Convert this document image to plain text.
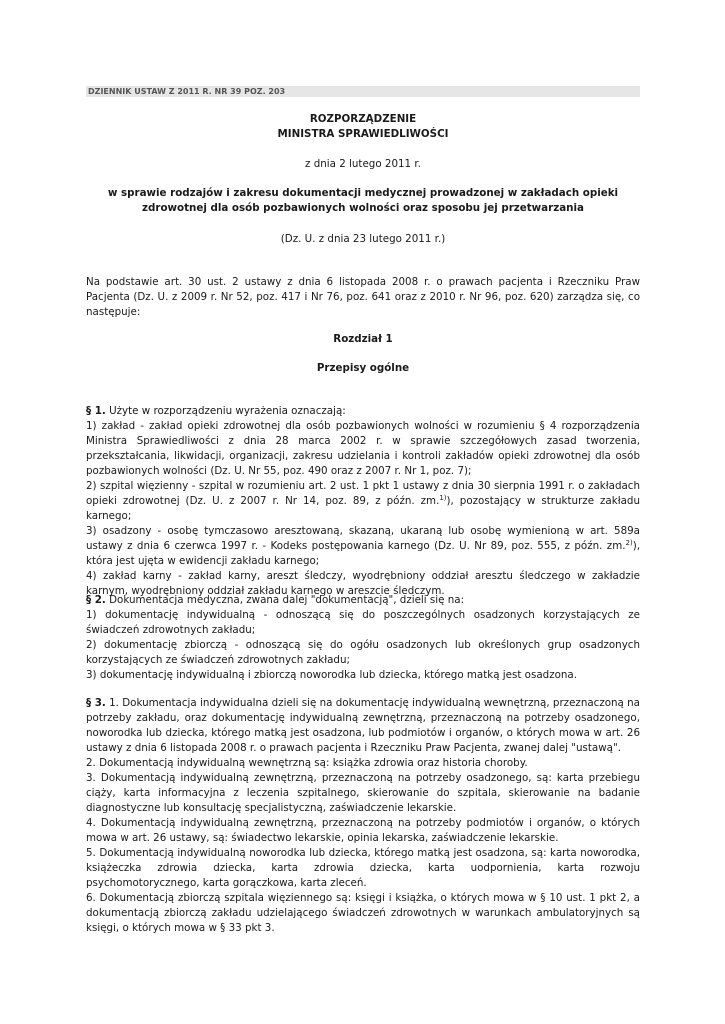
DZIENNIK USTAW Z 2011 R. NR 39 POZ. 203

ROZPORZĄDZENIE

MINISTRA SPRAWIEDLIWOŚCI

z dnia 2 lutego 2011 r.

w sprawie rodzajów i zakresu dokumentacji medycznej prowadzonej w zakładach opieki zdrowotnej dla osób pozbawionych wolności oraz sposobu jej przetwarzania

(Dz. U. z dnia 23 lutego 2011 r.)

Na podstawie art. 30 ust. 2 ustawy z dnia 6 listopada 2008 r. o prawach pacjenta i Rzeczniku Praw Pacjenta (Dz. U. z 2009 r. Nr 52, poz. 417 i Nr 76, poz. 641 oraz z 2010 r. Nr 96, poz. 620) zarządza się, co następuje:

Rozdział 1

Przepisy ogólne

§ 1. Użyte w rozporządzeniu wyrażenia oznaczają:

1) zakład - zakład opieki zdrowotnej dla osób pozbawionych wolności w rozumieniu § 4 rozporządzenia Ministra Sprawiedliwości z dnia 28 marca 2002 r. w sprawie szczegółowych zasad tworzenia, przekształcania, likwidacji, organizacji, zakresu udzielania i kontroli zakładów opieki zdrowotnej dla osób pozbawionych wolności (Dz. U. Nr 55, poz. 490 oraz z 2007 r. Nr 1, poz. 7);

2) szpital więzienny - szpital w rozumieniu art. 2 ust. 1 pkt 1 ustawy z dnia 30 sierpnia 1991 r. o zakładach opieki zdrowotnej (Dz. U. z 2007 r. Nr 14, poz. 89, z późn. zm.$^{1)}$), pozostający w strukturze zakładu karnego;

3) osadzony - osobę tymczasowo aresztowaną, skazaną, ukaraną lub osobę wymienioną w art. 589a ustawy z dnia 6 czerwca 1997 r. - Kodeks postępowania karnego (Dz. U. Nr 89, poz. 555, z późn. zm.$^{2)}$), która jest ujęta w ewidencji zakładu karnego;

4) zakład karny - zakład karny, areszt śledczy, wyodrębniony oddział aresztu śledczego w zakładzie karnym, wyodrębniony oddział zakładu karnego w areszcie śledczym.

§ 2. Dokumentacja medyczna, zwana dalej "dokumentacją", dzieli się na:

1) dokumentację indywidualną - odnoszącą się do poszczególnych osadzonych korzystających ze świadczeń zdrowotnych zakładu;

2) dokumentację zbiorczą - odnoszącą się do ogółu osadzonych lub określonych grup osadzonych korzystających ze świadczeń zdrowotnych zakładu;

3) dokumentację indywidualną i zbiorczą noworodka lub dziecka, którego matką jest osadzona.

§ 3. 1. Dokumentacja indywidualna dzieli się na dokumentację indywidualną wewnętrzną, przeznaczoną na potrzeby zakładu, oraz dokumentację indywidualną zewnętrzną, przeznaczoną na potrzeby osadzonego, noworodka lub dziecka, którego matką jest osadzona, lub podmiotów i organów, o których mowa w art. 26 ustawy z dnia 6 listopada 2008 r. o prawach pacjenta i Rzeczniku Praw Pacjenta, zwanej dalej "ustawą".

2. Dokumentacją indywidualną wewnętrzną są: książka zdrowia oraz historia choroby.

3. Dokumentacją indywidualną zewnętrzną, przeznaczoną na potrzeby osadzonego, są: karta przebiegu ciąży, karta informacyjna z leczenia szpitalnego, skierowanie do szpitala, skierowanie na badanie diagnostyczne lub konsultację specjalistyczną, zaświadczenie lekarskie.

4. Dokumentacją indywidualną zewnętrzną, przeznaczoną na potrzeby podmiotów i organów, o których mowa w art. 26 ustawy, są: świadectwo lekarskie, opinia lekarska, zaświadczenie lekarskie.

5. Dokumentacją indywidualną noworodka lub dziecka, którego matką jest osadzona, są: karta noworodka, książeczka zdrowia dziecka, karta zdrowia dziecka, karta uodpornienia, karta rozwoju psychomotorycznego, karta gorączkowa, karta zleceń.

6. Dokumentacją zbiorczą szpitala więziennego są: księgi i książka, o których mowa w § 10 ust. 1 pkt 2, a dokumentacją zbiorczą zakładu udzielającego świadczeń zdrowotnych w warunkach ambulatoryjnych są księgi, o których mowa w § 33 pkt 3.
